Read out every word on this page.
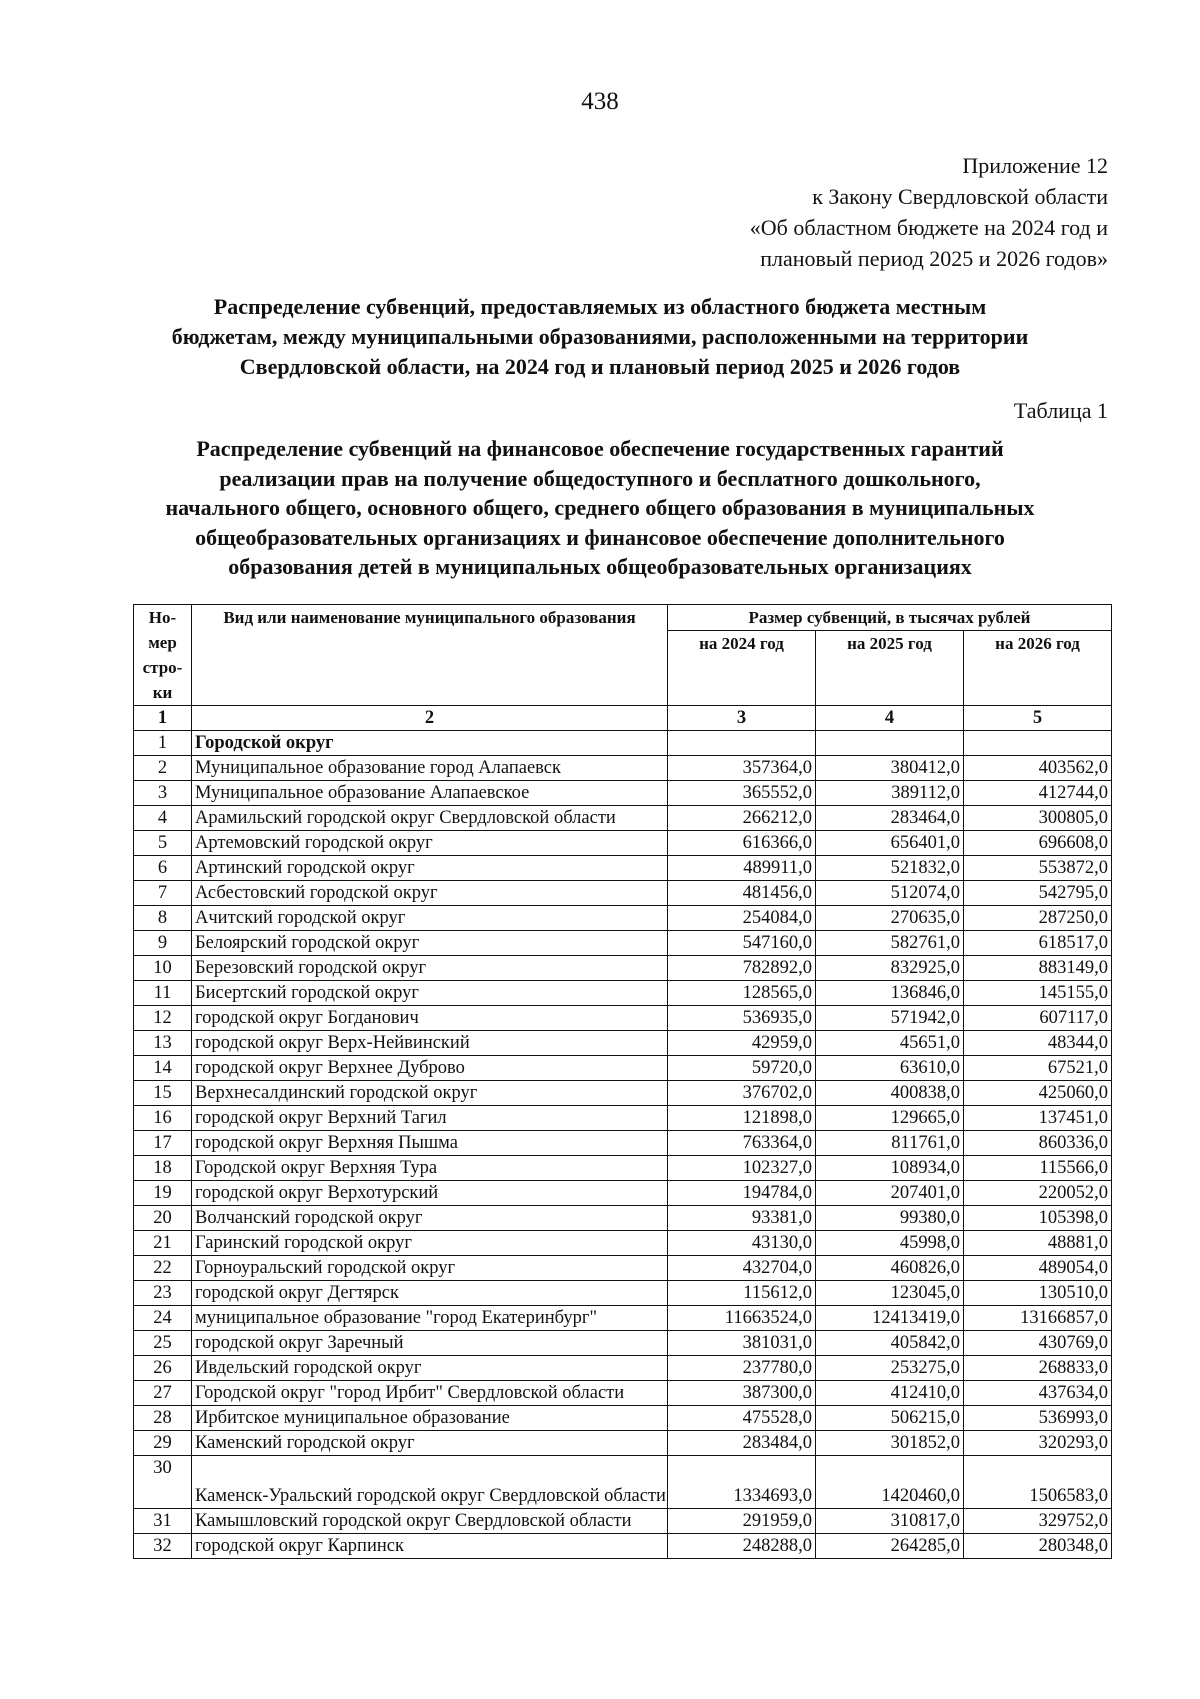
438
Приложение 12
к Закону Свердловской области
«Об областном бюджете на 2024 год и
плановый период 2025 и 2026 годов»
Распределение субвенций, предоставляемых из областного бюджета местным
бюджетам, между муниципальными образованиями, расположенными на территории
Свердловской области, на 2024 год и плановый период 2025 и 2026 годов
Таблица 1
Распределение субвенций на финансовое обеспечение государственных гарантий
реализации прав на получение общедоступного и бесплатного дошкольного,
начального общего, основного общего, среднего общего образования в муниципальных
общеобразовательных организациях и финансовое обеспечение дополнительного
образования детей в муниципальных общеобразовательных организациях
Но-
мер
стро-
ки	Вид или наименование муниципального образования	Размер субвенций, в тысячах рублей		
		на 2024 год	на 2025 год	на 2026 год
1	2	3	4	5
1	Городской округ			
2	Муниципальное образование город Алапаевск	357364,0	380412,0	403562,0
3	Муниципальное образование Алапаевское	365552,0	389112,0	412744,0
4	Арамильский городской округ Свердловской области	266212,0	283464,0	300805,0
5	Артемовский городской округ	616366,0	656401,0	696608,0
6	Артинский городской округ	489911,0	521832,0	553872,0
7	Асбестовский городской округ	481456,0	512074,0	542795,0
8	Ачитский городской округ	254084,0	270635,0	287250,0
9	Белоярский городской округ	547160,0	582761,0	618517,0
10	Березовский городской округ	782892,0	832925,0	883149,0
11	Бисертский городской округ	128565,0	136846,0	145155,0
12	городской округ Богданович	536935,0	571942,0	607117,0
13	городской округ Верх-Нейвинский	42959,0	45651,0	48344,0
14	городской округ Верхнее Дуброво	59720,0	63610,0	67521,0
15	Верхнесалдинский городской округ	376702,0	400838,0	425060,0
16	городской округ Верхний Тагил	121898,0	129665,0	137451,0
17	городской округ Верхняя Пышма	763364,0	811761,0	860336,0
18	Городской округ Верхняя Тура	102327,0	108934,0	115566,0
19	городской округ Верхотурский	194784,0	207401,0	220052,0
20	Волчанский городской округ	93381,0	99380,0	105398,0
21	Гаринский городской округ	43130,0	45998,0	48881,0
22	Горноуральский городской округ	432704,0	460826,0	489054,0
23	городской округ Дегтярск	115612,0	123045,0	130510,0
24	муниципальное образование "город Екатеринбург"	11663524,0	12413419,0	13166857,0
25	городской округ Заречный	381031,0	405842,0	430769,0
26	Ивдельский городской округ	237780,0	253275,0	268833,0
27	Городской округ "город Ирбит" Свердловской области	387300,0	412410,0	437634,0
28	Ирбитское муниципальное образование	475528,0	506215,0	536993,0
29	Каменский городской округ	283484,0	301852,0	320293,0
30	Каменск-Уральский городской округ Свердловской области	1334693,0	1420460,0	1506583,0
31	Камышловский городской округ Свердловской области	291959,0	310817,0	329752,0
32	городской округ Карпинск	248288,0	264285,0	280348,0
